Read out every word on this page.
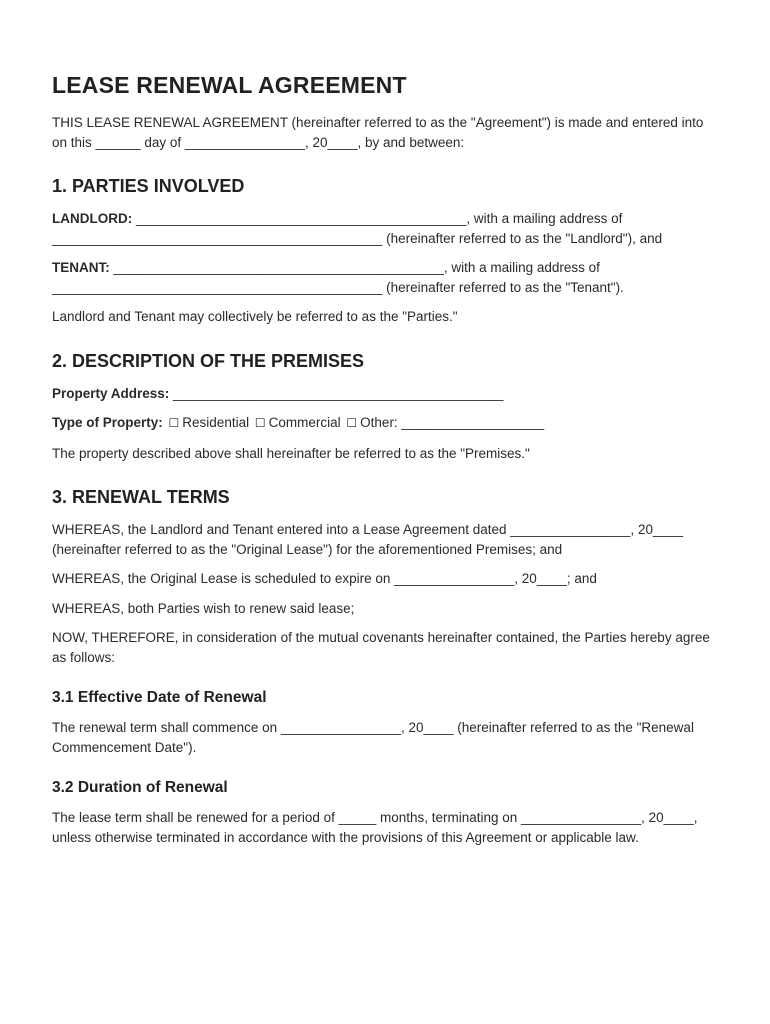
LEASE RENEWAL AGREEMENT

THIS LEASE RENEWAL AGREEMENT (hereinafter referred to as the "Agreement") is made and entered into on this ______ day of ________________, 20____, by and between:

1. PARTIES INVOLVED

LANDLORD: ____________________________________________, with a mailing address of ____________________________________________ (hereinafter referred to as the "Landlord"), and

TENANT: ____________________________________________, with a mailing address of ____________________________________________ (hereinafter referred to as the "Tenant").

Landlord and Tenant may collectively be referred to as the "Parties."

2. DESCRIPTION OF THE PREMISES

Property Address: ____________________________________________

Type of Property: ☐ Residential ☐ Commercial ☐ Other: ___________________

The property described above shall hereinafter be referred to as the "Premises."

3. RENEWAL TERMS

WHEREAS, the Landlord and Tenant entered into a Lease Agreement dated ________________, 20____ (hereinafter referred to as the "Original Lease") for the aforementioned Premises; and

WHEREAS, the Original Lease is scheduled to expire on ________________, 20____; and

WHEREAS, both Parties wish to renew said lease;

NOW, THEREFORE, in consideration of the mutual covenants hereinafter contained, the Parties hereby agree as follows:

3.1 Effective Date of Renewal

The renewal term shall commence on ________________, 20____ (hereinafter referred to as the "Renewal Commencement Date").

3.2 Duration of Renewal

The lease term shall be renewed for a period of _____ months, terminating on ________________, 20____, unless otherwise terminated in accordance with the provisions of this Agreement or applicable law.
